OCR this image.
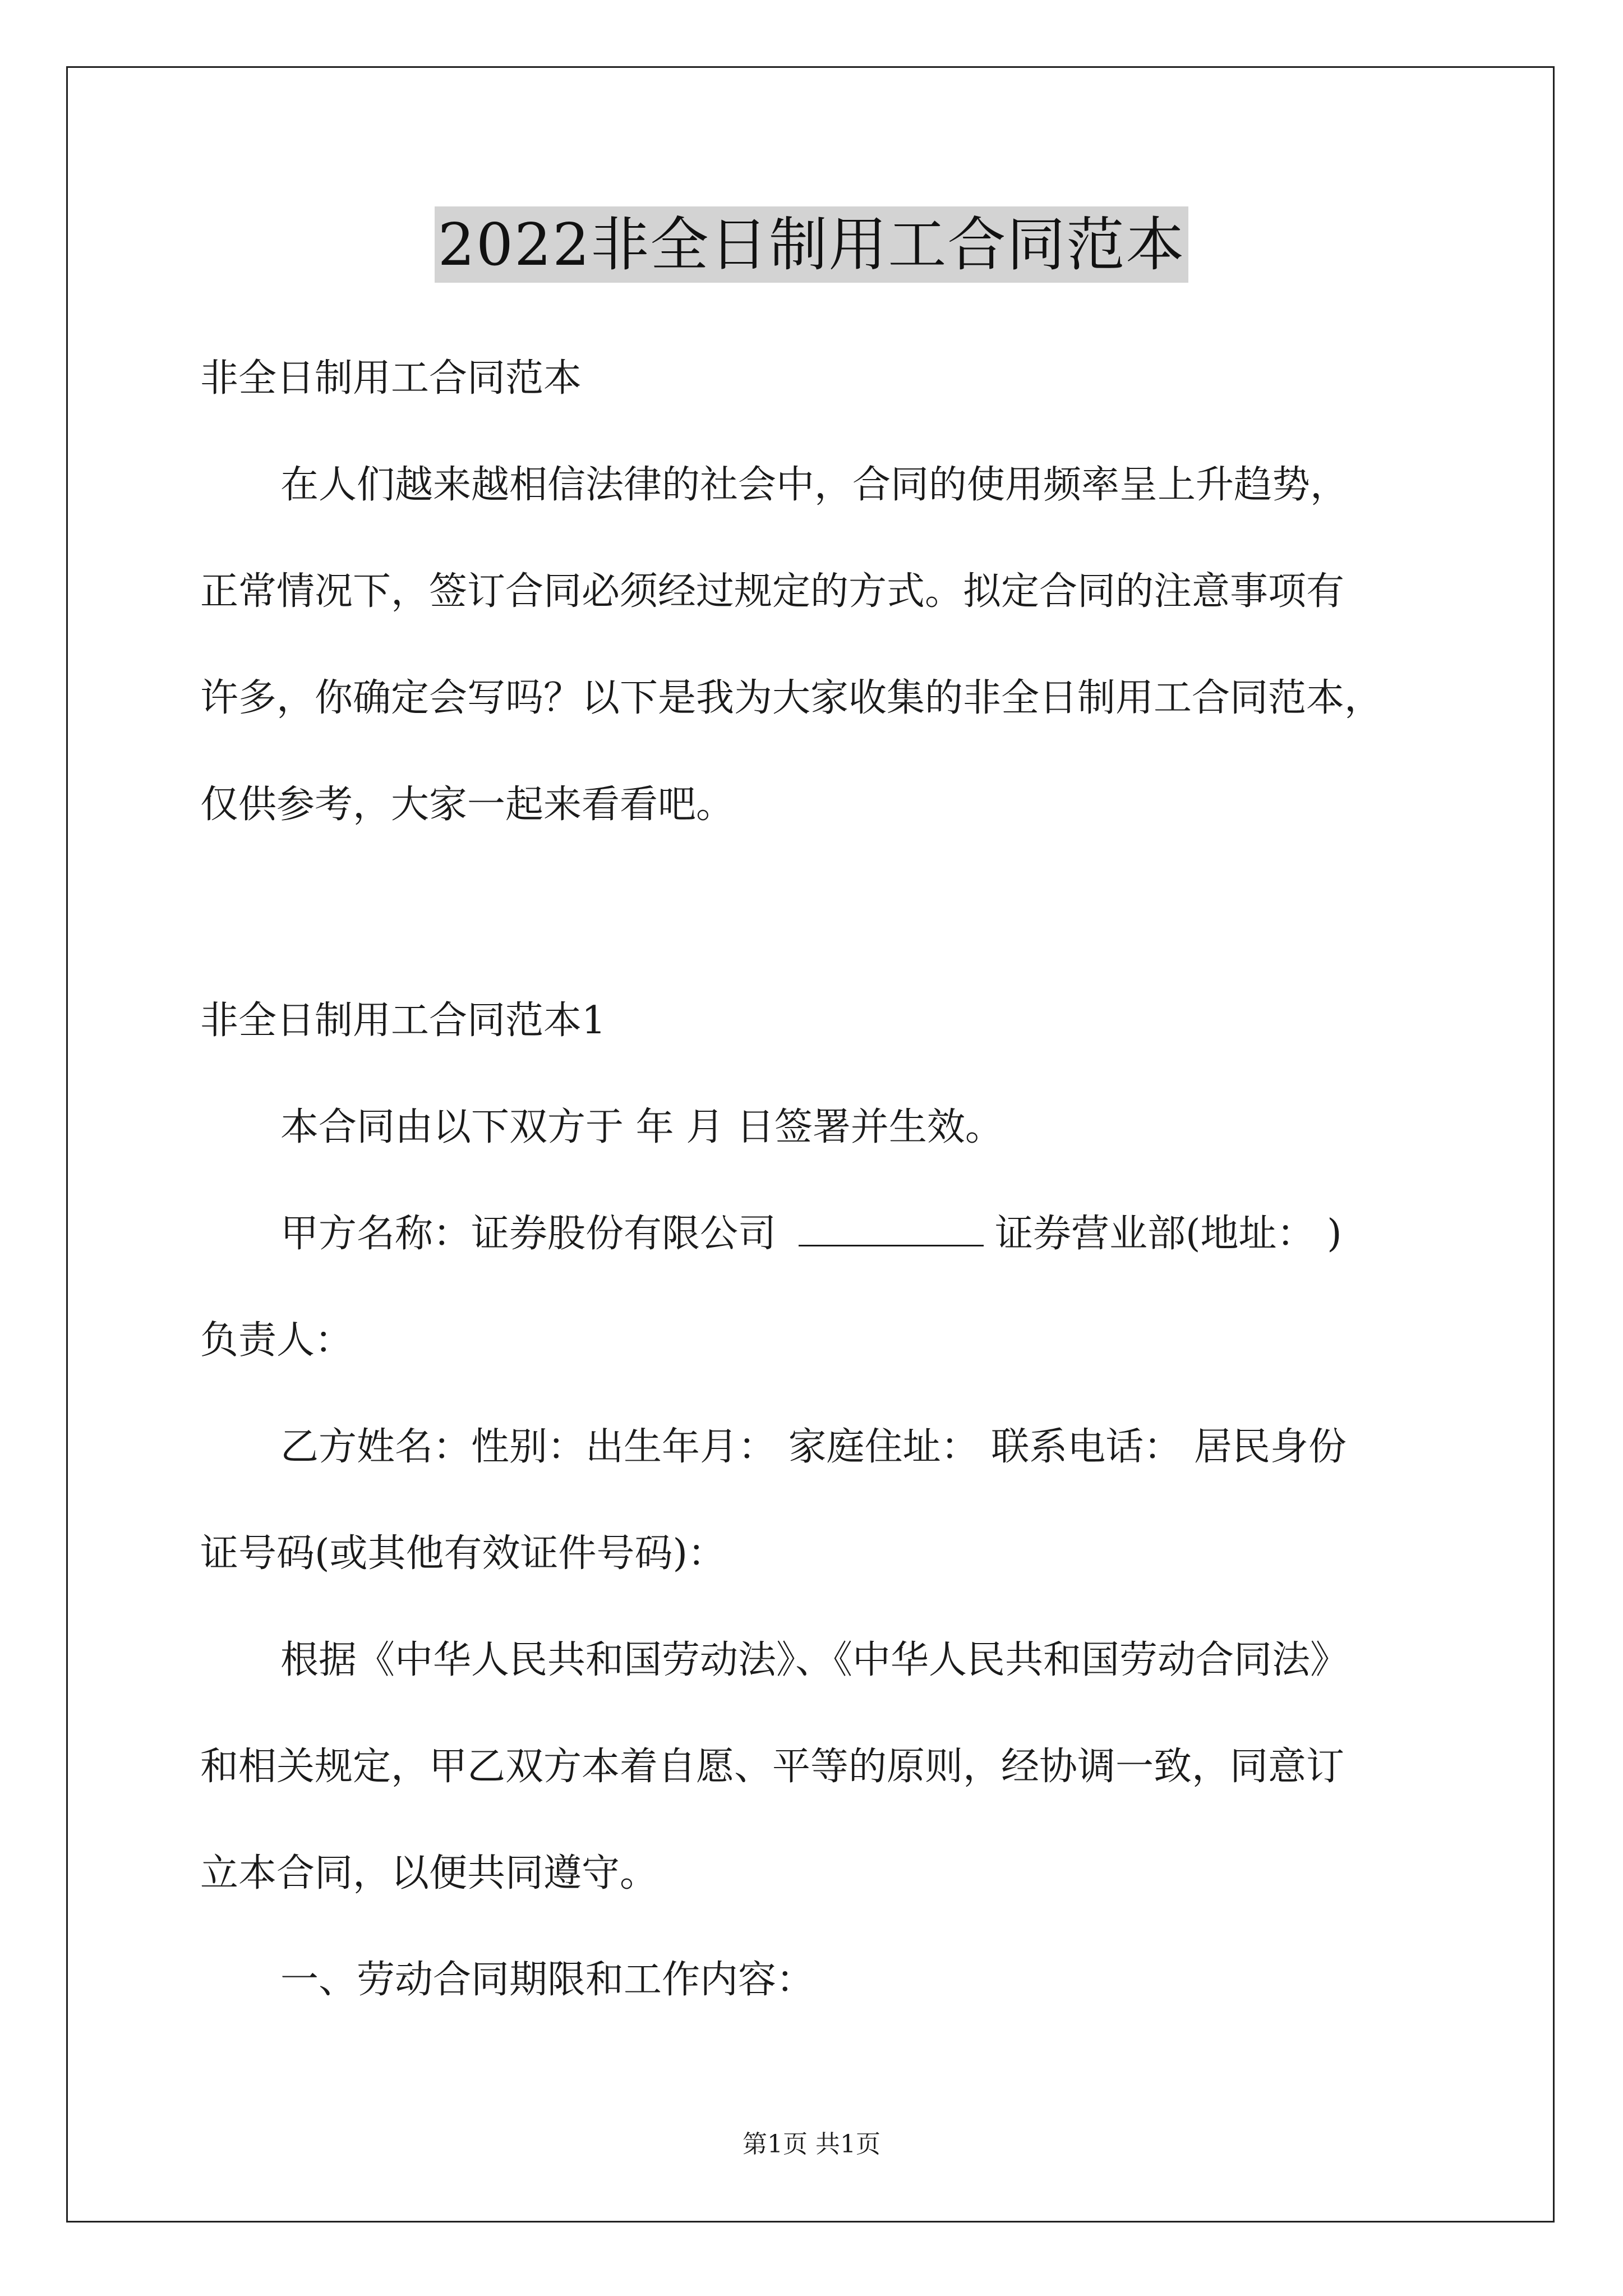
2022非全日制用工合同范本
非全日制用工合同范本
在人们越来越相信法律的社会中，合同的使用频率呈上升趋势，
正常情况下，签订合同必须经过规定的方式。拟定合同的注意事项有
许多，你确定会写吗？以下是我为大家收集的非全日制用工合同范本，
仅供参考，大家一起来看看吧。
非全日制用工合同范本1
本合同由以下双方于 年 月 日签署并生效。
甲方名称：证券股份有限公司	证券营业部(地址： )
负责人：
乙方姓名：性别：出生年月： 家庭住址： 联系电话： 居民身份
证号码(或其他有效证件号码)：
根据《中华人民共和国劳动法》、《中华人民共和国劳动合同法》
和相关规定，甲乙双方本着自愿、平等的原则，经协调一致，同意订
立本合同，以便共同遵守。
一、劳动合同期限和工作内容：
第1页 共1页
